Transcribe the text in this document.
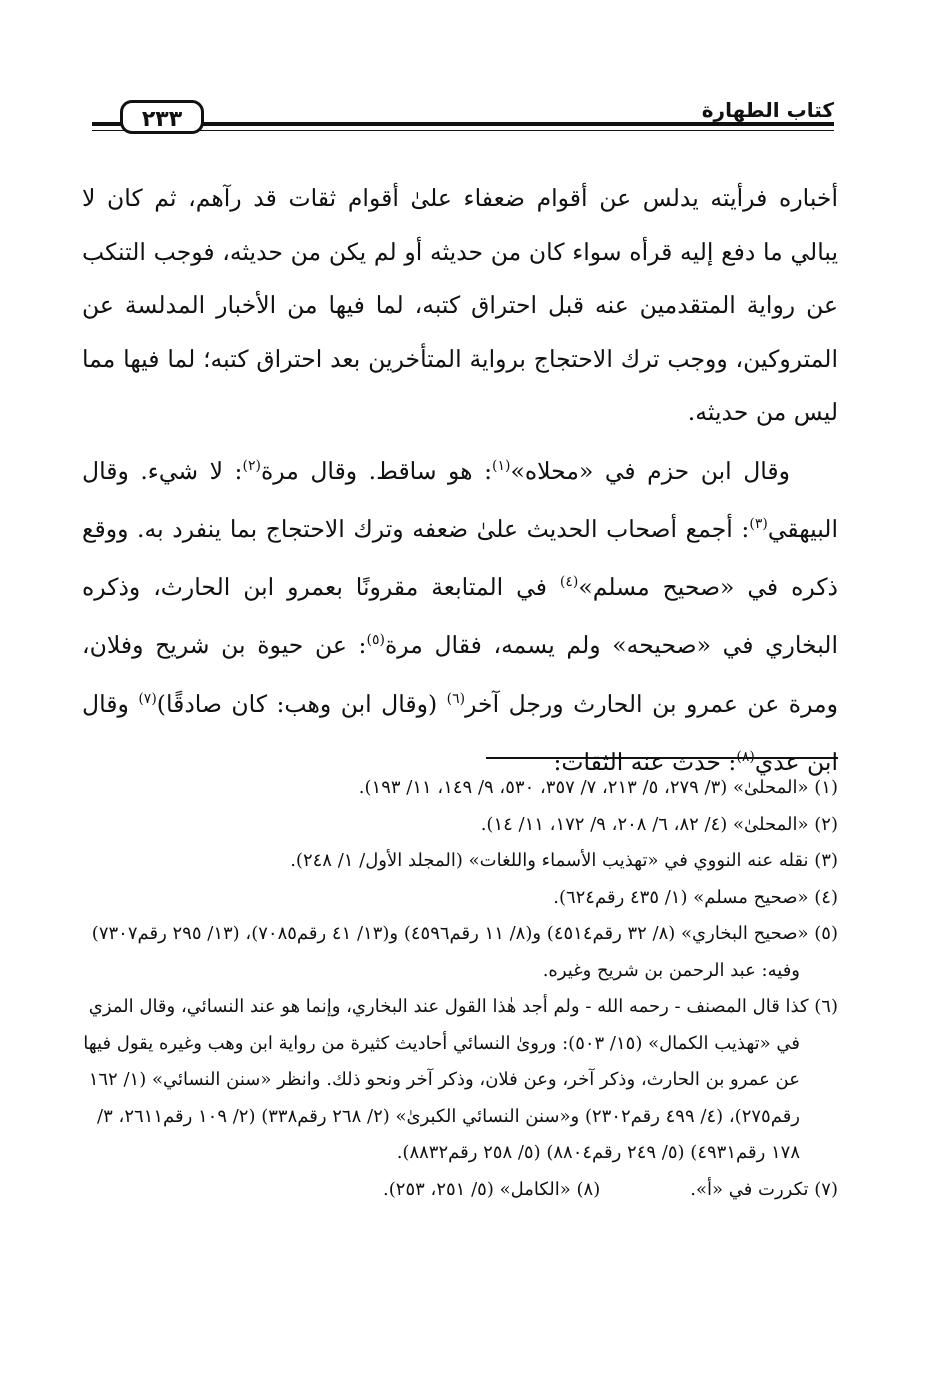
كتاب الطهارة
٢٣٣

أخباره فرأيته يدلس عن أقوام ضعفاء علىٰ أقوام ثقات قد رآهم، ثم كان لا يبالي ما دفع إليه قرأه سواء كان من حديثه أو لم يكن من حديثه، فوجب التنكب عن رواية المتقدمين عنه قبل احتراق كتبه، لما فيها من الأخبار المدلسة عن المتروكين، ووجب ترك الاحتجاج برواية المتأخرين بعد احتراق كتبه؛ لما فيها مما ليس من حديثه.

وقال ابن حزم في «محلاه»$^{(١)}$: هو ساقط. وقال مرة$^{(٢)}$: لا شيء. وقال البيهقي$^{(٣)}$: أجمع أصحاب الحديث علىٰ ضعفه وترك الاحتجاج بما ينفرد به. ووقع ذكره في «صحيح مسلم»$^{(٤)}$ في المتابعة مقرونًا بعمرو ابن الحارث، وذكره البخاري في «صحيحه» ولم يسمه، فقال مرة$^{(٥)}$: عن حيوة بن شريح وفلان، ومرة عن عمرو بن الحارث ورجل آخر$^{(٦)}$ (وقال ابن وهب: كان صادقًا)$^{(٧)}$ وقال ابن عدي$^{(٨)}$: حدث عنه الثقات:

(١) «المحلىٰ» (٣/ ٢٧٩، ٥/ ٢١٣، ٧/ ٣٥٧، ٥٣٠، ٩/ ١٤٩، ١١/ ١٩٣).

(٢) «المحلىٰ» (٤/ ٨٢، ٦/ ٢٠٨، ٩/ ١٧٢، ١١/ ١٤).

(٣) نقله عنه النووي في «تهذيب الأسماء واللغات» (المجلد الأول/ ١/ ٢٤٨).

(٤) «صحيح مسلم» (١/ ٤٣٥ رقم٦٢٤).

(٥) «صحيح البخاري» (٨/ ٣٢ رقم٤٥١٤) و(٨/ ١١ رقم٤٥٩٦) و(١٣/ ٤١ رقم٧٠٨٥)، (١٣/ ٢٩٥ رقم٧٣٠٧) وفيه: عبد الرحمن بن شريح وغيره.

(٦) كذا قال المصنف - رحمه الله - ولم أجد هٰذا القول عند البخاري، وإنما هو عند النسائي، وقال المزي في «تهذيب الكمال» (١٥/ ٥٠٣): وروىٰ النسائي أحاديث كثيرة من رواية ابن وهب وغيره يقول فيها عن عمرو بن الحارث، وذكر آخر، وعن فلان، وذكر آخر ونحو ذلك. وانظر «سنن النسائي» (١/ ١٦٢ رقم٢٧٥)، (٤/ ٤٩٩ رقم٢٣٠٢) و«سنن النسائي الكبرىٰ» (٢/ ٢٦٨ رقم٣٣٨) (٢/ ١٠٩ رقم٢٦١١، ٣/ ١٧٨ رقم٤٩٣١) (٥/ ٢٤٩ رقم٨٨٠٤) (٥/ ٢٥٨ رقم٨٨٣٢).

(٧) تكررت في «أ».

(٨) «الكامل» (٥/ ٢٥١، ٢٥٣).
